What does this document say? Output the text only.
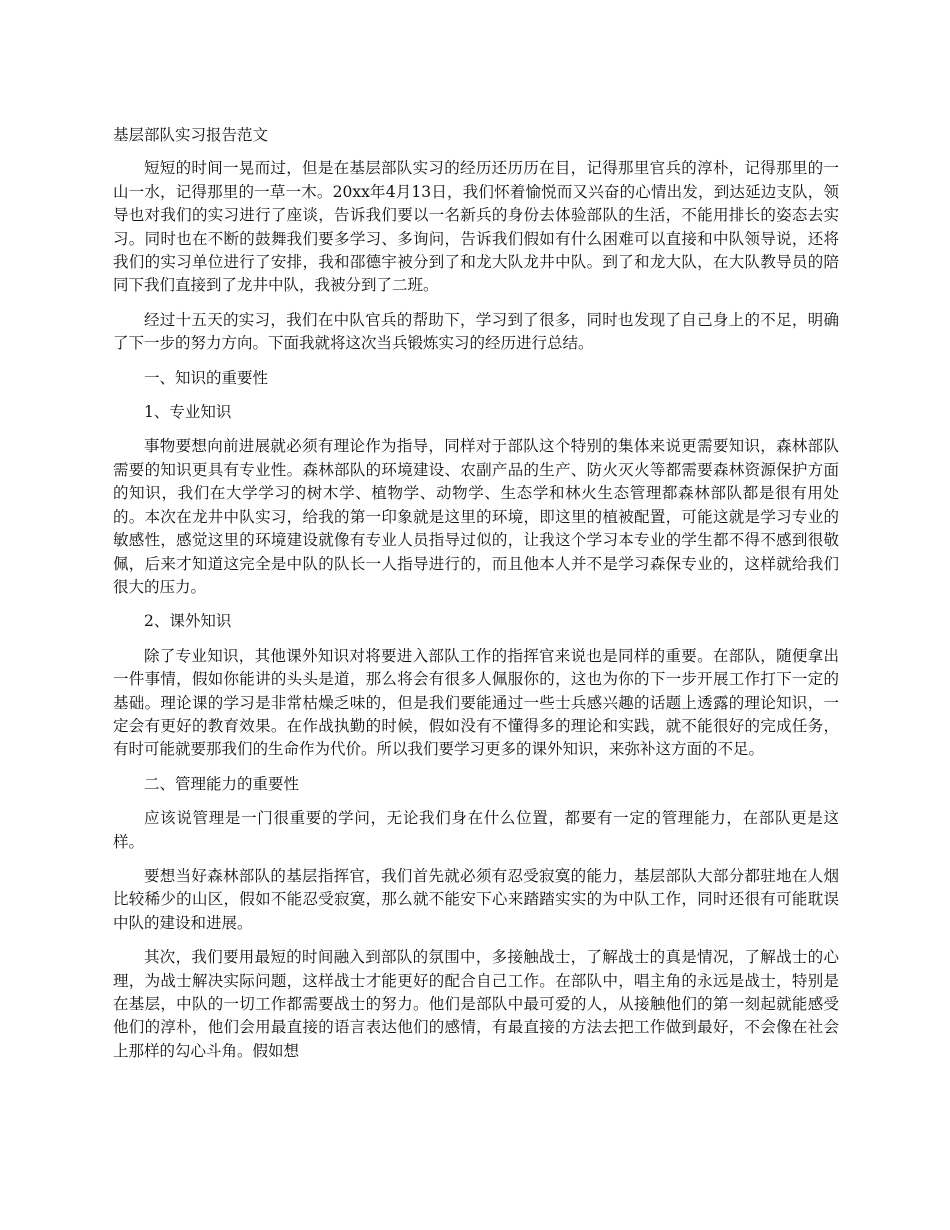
基层部队实习报告范文

短短的时间一晃而过，但是在基层部队实习的经历还历历在目，记得那里官兵的淳朴，记得那里的一山一水，记得那里的一草一木。20xx年4月13日，我们怀着愉悦而又兴奋的心情出发，到达延边支队，领导也对我们的实习进行了座谈，告诉我们要以一名新兵的身份去体验部队的生活，不能用排长的姿态去实习。同时也在不断的鼓舞我们要多学习、多询问，告诉我们假如有什么困难可以直接和中队领导说，还将我们的实习单位进行了安排，我和邵德宇被分到了和龙大队龙井中队。到了和龙大队，在大队教导员的陪同下我们直接到了龙井中队，我被分到了二班。

经过十五天的实习，我们在中队官兵的帮助下，学习到了很多，同时也发现了自己身上的不足，明确了下一步的努力方向。下面我就将这次当兵锻炼实习的经历进行总结。

一、知识的重要性

1、专业知识

事物要想向前进展就必须有理论作为指导，同样对于部队这个特别的集体来说更需要知识，森林部队需要的知识更具有专业性。森林部队的环境建设、农副产品的生产、防火灭火等都需要森林资源保护方面的知识，我们在大学学习的树木学、植物学、动物学、生态学和林火生态管理都森林部队都是很有用处的。本次在龙井中队实习，给我的第一印象就是这里的环境，即这里的植被配置，可能这就是学习专业的敏感性，感觉这里的环境建设就像有专业人员指导过似的，让我这个学习本专业的学生都不得不感到很敬佩，后来才知道这完全是中队的队长一人指导进行的，而且他本人并不是学习森保专业的，这样就给我们很大的压力。

2、课外知识

除了专业知识，其他课外知识对将要进入部队工作的指挥官来说也是同样的重要。在部队，随便拿出一件事情，假如你能讲的头头是道，那么将会有很多人佩服你的，这也为你的下一步开展工作打下一定的基础。理论课的学习是非常枯燥乏味的，但是我们要能通过一些士兵感兴趣的话题上透露的理论知识，一定会有更好的教育效果。在作战执勤的时候，假如没有不懂得多的理论和实践，就不能很好的完成任务，有时可能就要那我们的生命作为代价。所以我们要学习更多的课外知识，来弥补这方面的不足。

二、管理能力的重要性

应该说管理是一门很重要的学问，无论我们身在什么位置，都要有一定的管理能力，在部队更是这样。

要想当好森林部队的基层指挥官，我们首先就必须有忍受寂寞的能力，基层部队大部分都驻地在人烟比较稀少的山区，假如不能忍受寂寞，那么就不能安下心来踏踏实实的为中队工作，同时还很有可能耽误中队的建设和进展。

其次，我们要用最短的时间融入到部队的氛围中，多接触战士，了解战士的真是情况，了解战士的心理，为战士解决实际问题，这样战士才能更好的配合自己工作。在部队中，唱主角的永远是战士，特别是在基层，中队的一切工作都需要战士的努力。他们是部队中最可爱的人，从接触他们的第一刻起就能感受他们的淳朴，他们会用最直接的语言表达他们的感情，有最直接的方法去把工作做到最好，不会像在社会上那样的勾心斗角。假如想
